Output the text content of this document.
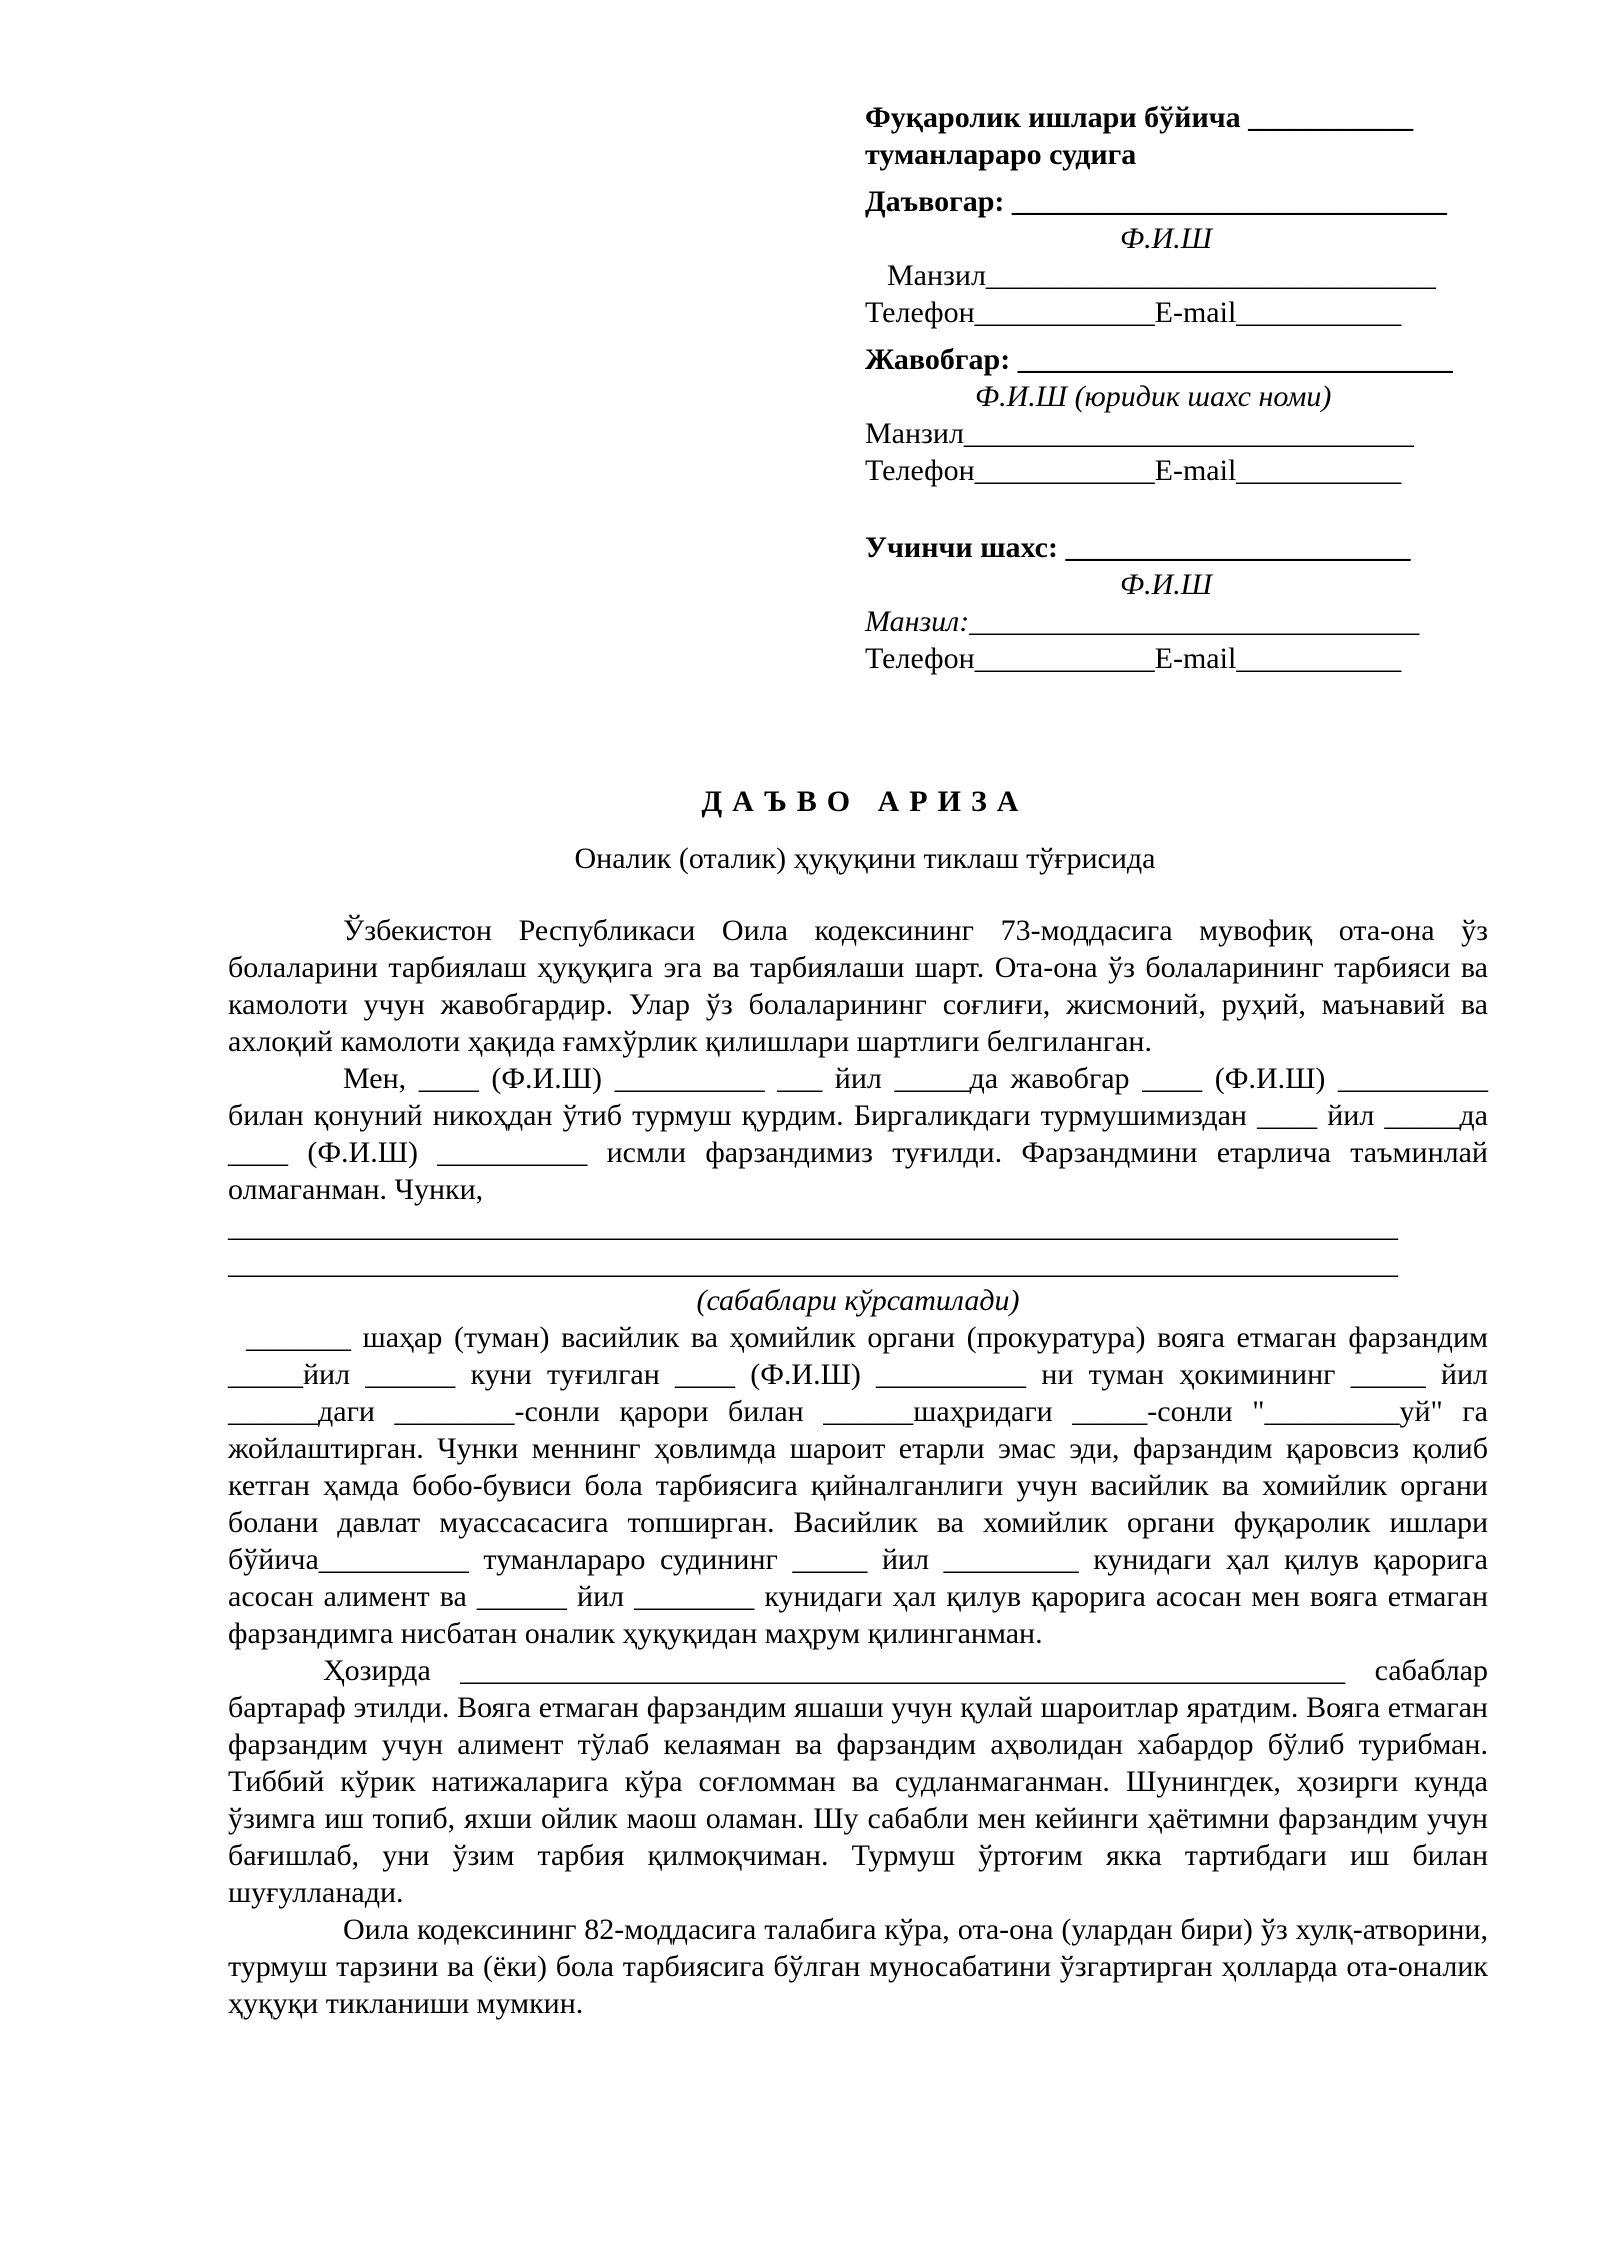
Фуқаролик ишлари бўйича ___________
туманлараро судига
Даъвогар: _____________________________
Ф.И.Ш
Манзил______________________________
Телефон____________E-mail___________
Жавобгар: _____________________________
Ф.И.Ш (юридик шахс номи)
Манзил______________________________
Телефон____________E-mail___________
Учинчи шахс: _______________________
Ф.И.Ш
Манзил:______________________________
Телефон____________E-mail___________
ДАЪВО АРИЗА
Оналик (оталик) ҳуқуқини тиклаш тўғрисида
Ўзбекистон Республикаси Оила кодексининг 73-моддасига мувофиқ ота-она ўз болаларини тарбиялаш ҳуқуқига эга ва тарбиялаши шарт. Ота-она ўз болаларининг тарбияси ва камолоти учун жавобгардир. Улар ўз болаларининг соғлиғи, жисмоний, руҳий, маънавий ва ахлоқий камолоти ҳақида ғамхўрлик қилишлари шартлиги белгиланган.
Мен, ____ (Ф.И.Ш) __________ ___ йил _____да жавобгар ____ (Ф.И.Ш) __________ билан қонуний никоҳдан ўтиб турмуш қурдим. Биргаликдаги турмушимиздан ____ йил _____да ____ (Ф.И.Ш) __________ исмли фарзандимиз туғилди. Фарзандмини етарлича таъминлай олмаганман. Чунки,
______________________________________________________________________________
______________________________________________________________________________
(сабаблари кўрсатилади)
_______ шаҳар (туман) васийлик ва ҳомийлик органи (прокуратура) вояга етмаган фарзандим _____йил ______ куни туғилган ____ (Ф.И.Ш) __________ ни туман ҳокимининг _____ йил ______даги ________-сонли қарори билан ______шаҳридаги _____-сонли "_________уй" га жойлаштирган. Чунки меннинг ҳовлимда шароит етарли эмас эди, фарзандим қаровсиз қолиб кетган ҳамда бобо-бувиси бола тарбиясига қийналганлиги учун васийлик ва хомийлик органи болани давлат муассасасига топширган. Васийлик ва хомийлик органи фуқаролик ишлари бўйича__________ туманлараро судининг _____ йил _________ кунидаги ҳал қилув қарорига асосан алимент ва ______ йил ________ кунидаги ҳал қилув қарорига асосан мен вояга етмаган фарзандимга нисбатан оналик ҳуқуқидан маҳрум қилинганман.
Ҳозирда ___________________________________________________________ сабаблар бартараф этилди. Вояга етмаган фарзандим яшаши учун қулай шароитлар яратдим. Вояга етмаган фарзандим учун алимент тўлаб келаяман ва фарзандим аҳволидан хабардор бўлиб турибман. Тиббий кўрик натижаларига кўра соғломман ва судланмаганман. Шунингдек, ҳозирги кунда ўзимга иш топиб, яхши ойлик маош оламан. Шу сабабли мен кейинги ҳаётимни фарзандим учун бағишлаб, уни ўзим тарбия қилмоқчиман. Турмуш ўртоғим якка тартибдаги иш билан шуғулланади.
Оила кодексининг 82-моддасига талабига кўра, ота-она (улардан бири) ўз хулқ-атворини, турмуш тарзини ва (ёки) бола тарбиясига бўлган муносабатини ўзгартирган ҳолларда ота-оналик ҳуқуқи тикланиши мумкин.
